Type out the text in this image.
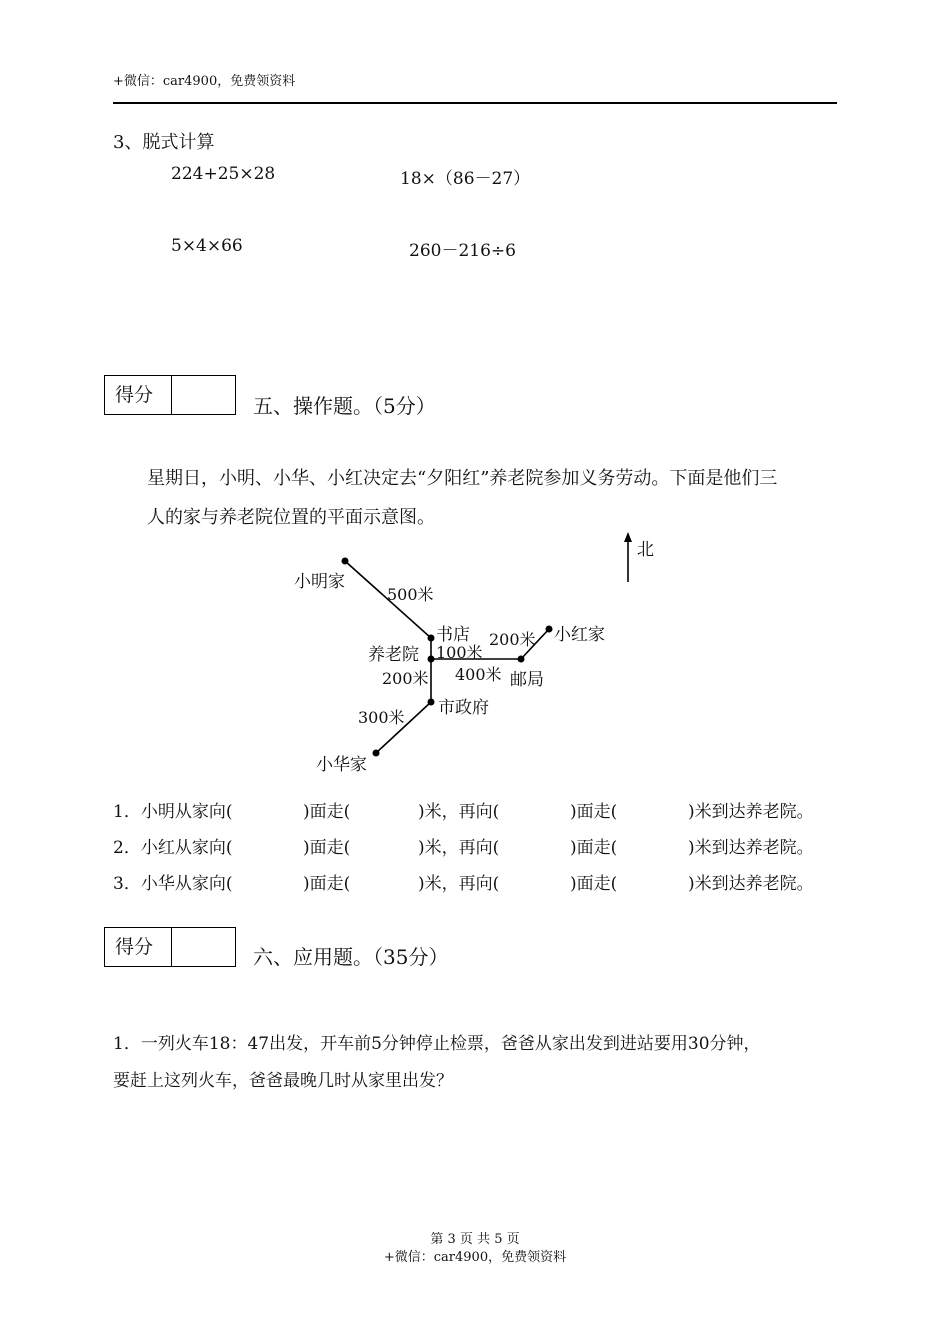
+微信：car4900，免费领资料
3、脱式计算
224+25×28	18×（86－27）
5×4×66	260－216÷6
得分	五、操作题。（5分）
星期日，小明、小华、小红决定去“夕阳红”养老院参加义务劳动。下面是他们三
人的家与养老院位置的平面示意图。
北
小明家
500米
书店 200米 小红家
养老院 100米
400米 邮局
200米
市政府
300米
小华家
1．小明从家向(	)面走(	)米，再向(	)面走(	)米到达养老院。
2．小红从家向(	)面走(	)米，再向(	)面走(	)米到达养老院。
3．小华从家向(	)面走(	)米，再向(	)面走(	)米到达养老院。
得分	六、应用题。（35分）
1．一列火车18：47出发，开车前5分钟停止检票，爸爸从家出发到进站要用30分钟，
要赶上这列火车，爸爸最晚几时从家里出发？
第 3 页 共 5 页
+微信：car4900，免费领资料
